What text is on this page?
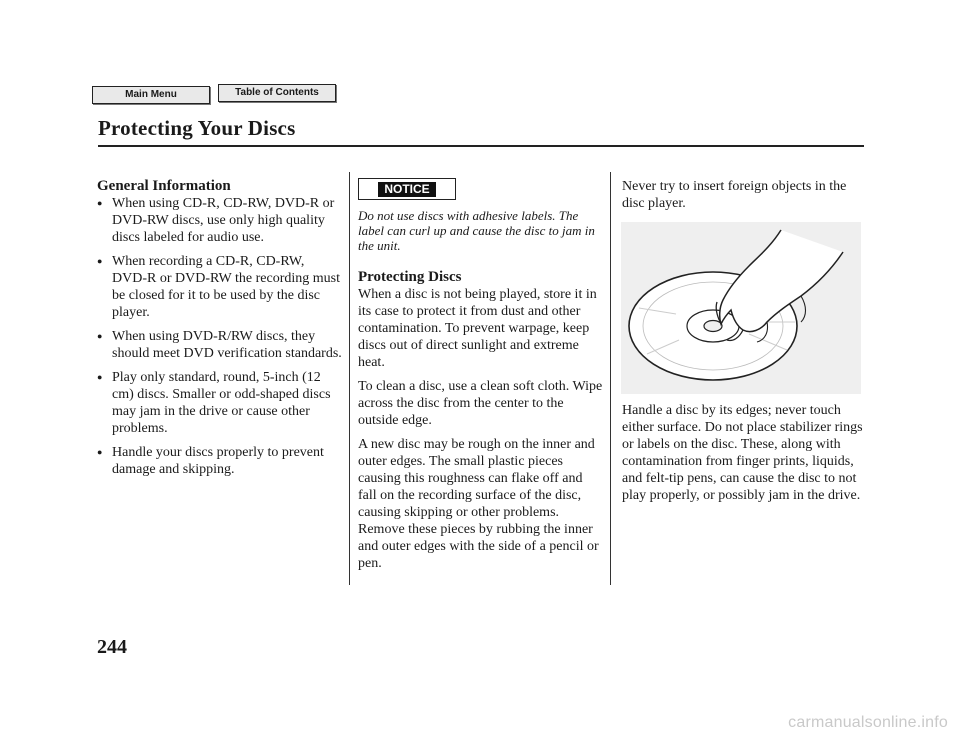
Main Menu	Table of Contents
Protecting Your Discs
General Information
● When using CD-R, CD-RW, DVD-R or DVD-RW discs, use only high quality discs labeled for audio use.
● When recording a CD-R, CD-RW, DVD-R or DVD-RW the recording must be closed for it to be used by the disc player.
● When using DVD-R/RW discs, they should meet DVD verification standards.
● Play only standard, round, 5-inch (12 cm) discs. Smaller or odd-shaped discs may jam in the drive or cause other problems.
● Handle your discs properly to prevent damage and skipping.
NOTICE
Do not use discs with adhesive labels. The label can curl up and cause the disc to jam in the unit.
Protecting Discs

When a disc is not being played, store it in its case to protect it from dust and other contamination. To prevent warpage, keep discs out of direct sunlight and extreme heat.

To clean a disc, use a clean soft cloth. Wipe across the disc from the center to the outside edge.

A new disc may be rough on the inner and outer edges. The small plastic pieces causing this roughness can flake off and fall on the recording surface of the disc, causing skipping or other problems. Remove these pieces by rubbing the inner and outer edges with the side of a pencil or pen.

Never try to insert foreign objects in the disc player.

Handle a disc by its edges; never touch either surface. Do not place stabilizer rings or labels on the disc. These, along with contamination from finger prints, liquids, and felt-tip pens, can cause the disc to not play properly, or possibly jam in the drive.

244
carmanualsonline.info
